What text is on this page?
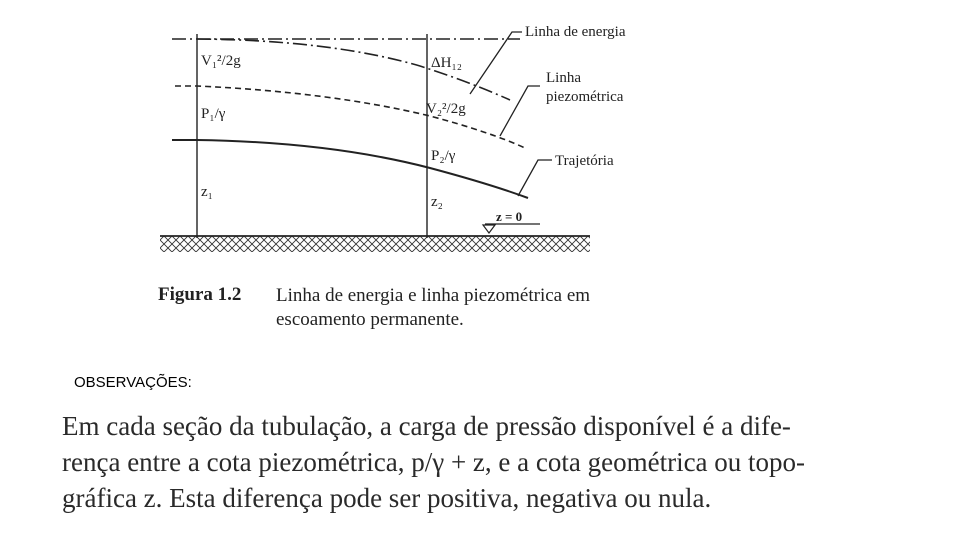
V₁²/2g
P₁/γ
z₁
ΔH₁₂
V₂²/2g
P₂/γ
z₂
z = 0
Linha de energia
Linha
piezométrica
Trajetória
Figura 1.2 Linha de energia e linha piezométrica em
escoamento permanente.
OBSERVAÇÕES:
Em cada seção da tubulação, a carga de pressão disponível é a dife-
rença entre a cota piezométrica, p/γ + z, e a cota geométrica ou topo-
gráfica z. Esta diferença pode ser positiva, negativa ou nula.
